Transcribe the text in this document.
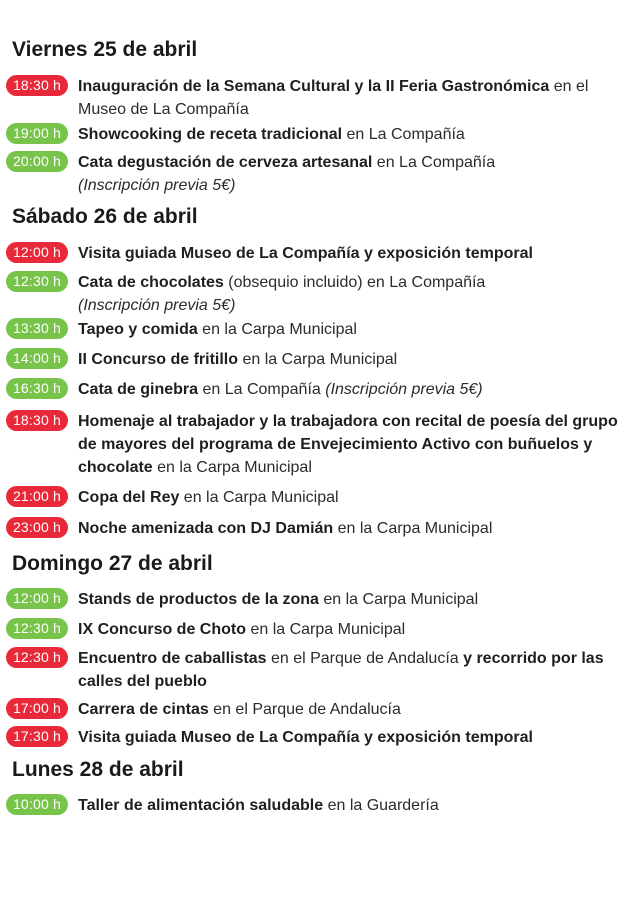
Viernes 25 de abril
18:30 h	Inauguración de la Semana Cultural y la II Feria Gastronómica en el Museo de La Compañía
19:00 h	Showcooking de receta tradicional en La Compañía
20:00 h	Cata degustación de cerveza artesanal en La Compañía
(Inscripción previa 5€)
Sábado 26 de abril
12:00 h	Visita guiada Museo de La Compañía y exposición temporal
12:30 h	Cata de chocolates (obsequio incluido) en La Compañía
(Inscripción previa 5€)
13:30 h	Tapeo y comida en la Carpa Municipal
14:00 h	II Concurso de fritillo en la Carpa Municipal
16:30 h	Cata de ginebra en La Compañía (Inscripción previa 5€)
18:30 h	Homenaje al trabajador y la trabajadora con recital de poesía del grupo de mayores del programa de Envejecimiento Activo con buñuelos y chocolate en la Carpa Municipal
21:00 h	Copa del Rey en la Carpa Municipal
23:00 h	Noche amenizada con DJ Damián en la Carpa Municipal
Domingo 27 de abril
12:00 h	Stands de productos de la zona en la Carpa Municipal
12:30 h	IX Concurso de Choto en la Carpa Municipal
12:30 h	Encuentro de caballistas en el Parque de Andalucía y recorrido por las calles del pueblo
17:00 h	Carrera de cintas en el Parque de Andalucía
17:30 h	Visita guiada Museo de La Compañía y exposición temporal
Lunes 28 de abril
10:00 h	Taller de alimentación saludable en la Guardería
